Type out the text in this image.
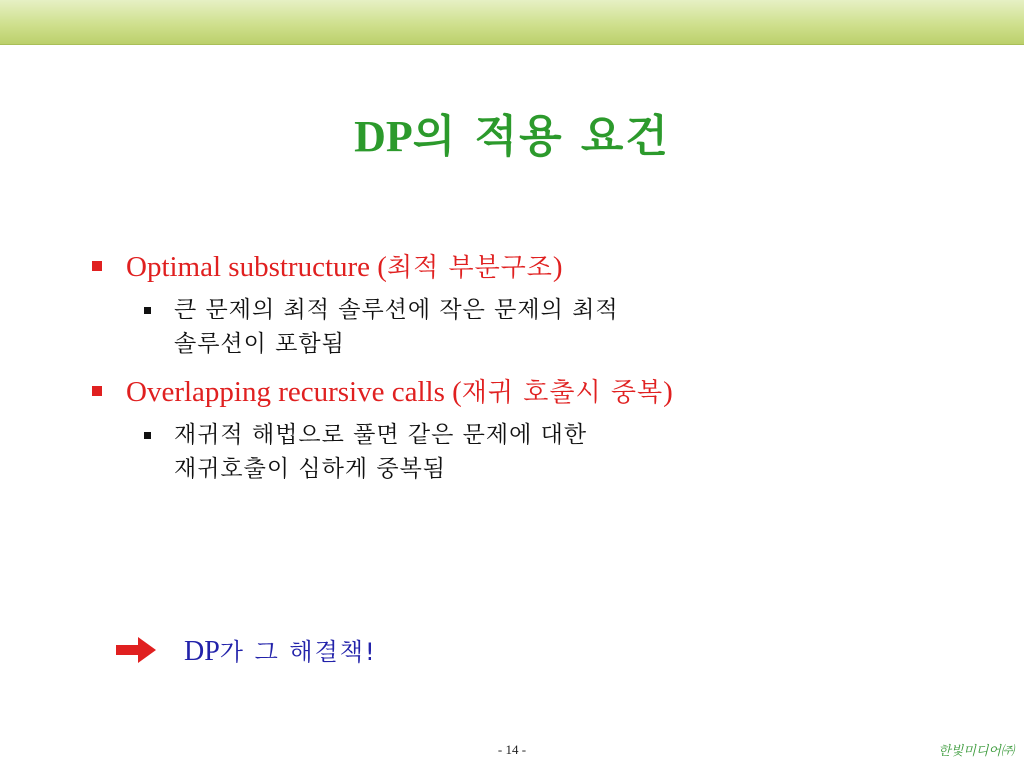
DP의 적용 요건
Optimal substructure (최적 부분구조)
큰 문제의 최적 솔루션에 작은 문제의 최적
솔루션이 포함됨
Overlapping recursive calls (재귀 호출시 중복)
재귀적 해법으로 풀면 같은 문제에 대한
재귀호출이 심하게 중복됨
DP가 그 해결책!
- 14 -	한빛미디어㈜
